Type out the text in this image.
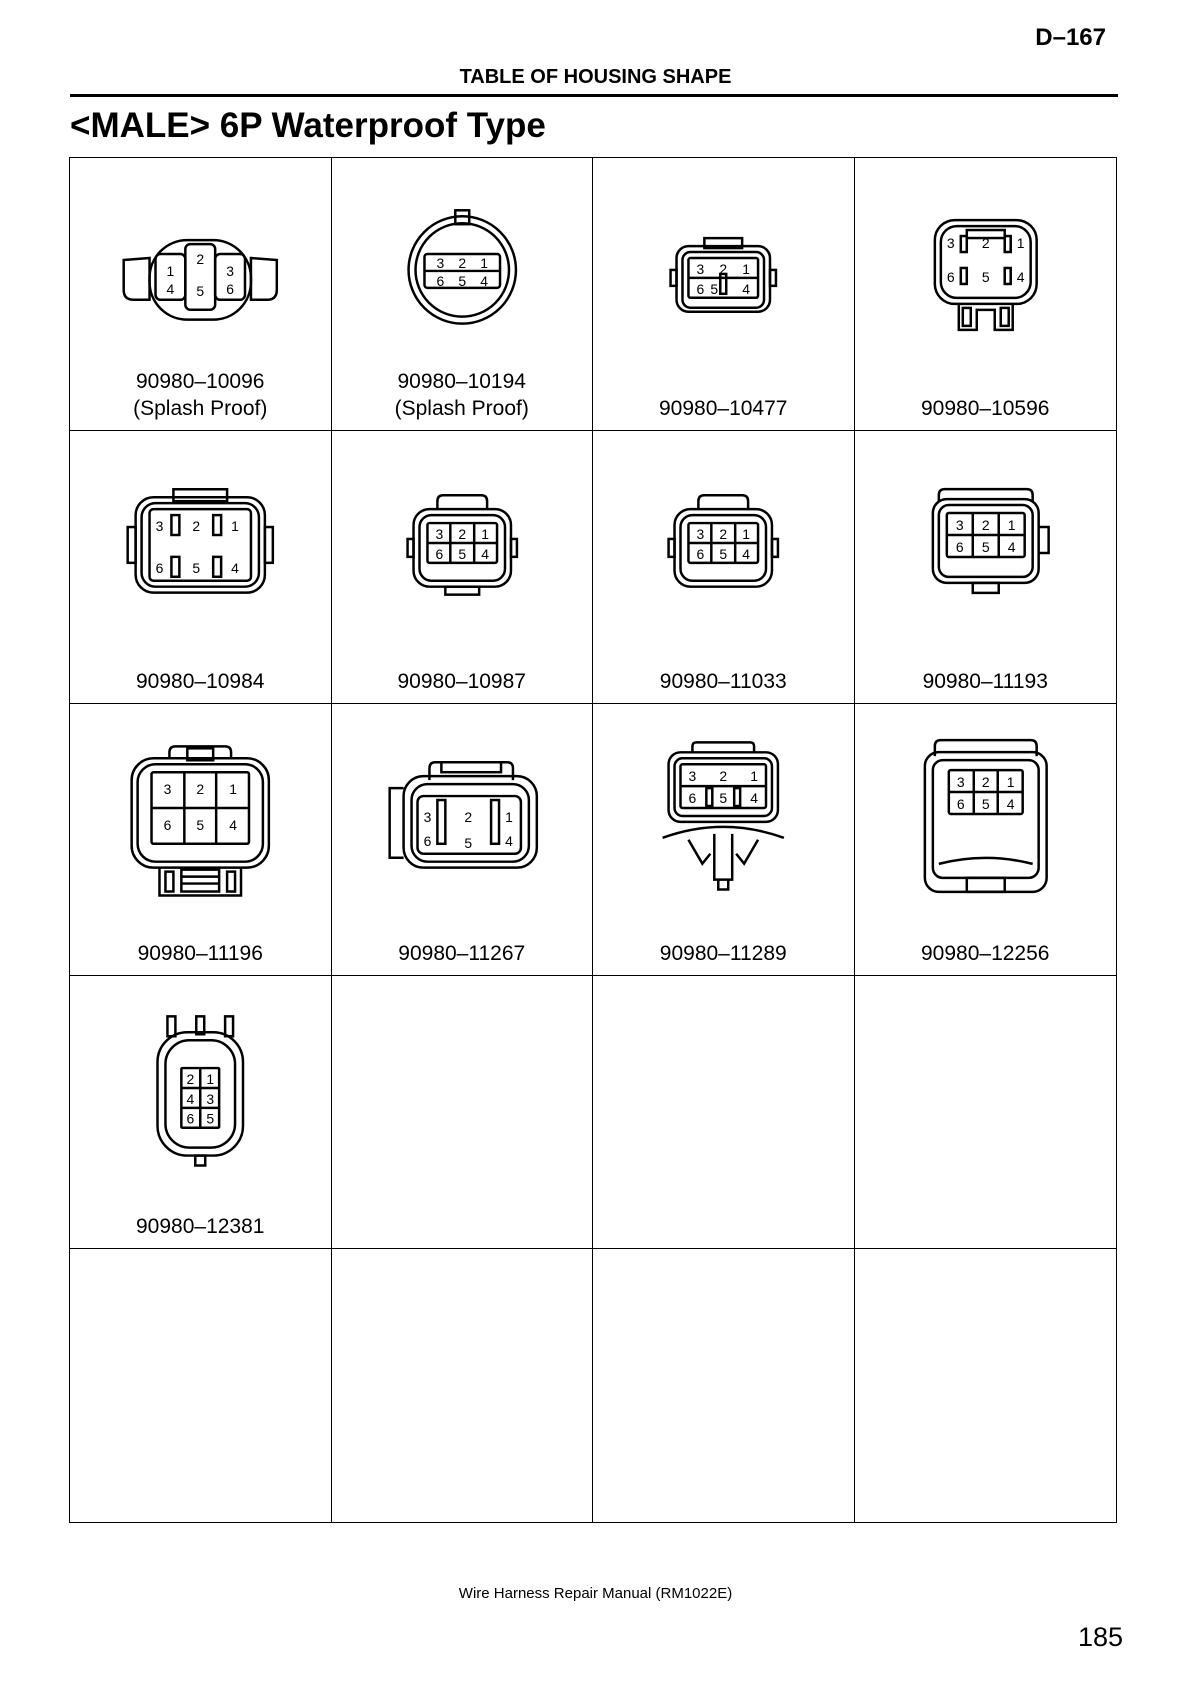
D–167
TABLE OF HOUSING SHAPE
<MALE> 6P Waterproof Type
1
4
2
5
3
6
90980–10096
(Splash Proof)
3 2 1
6 5 4
90980–10194
(Splash Proof)
3 2 1
6 5 4
90980–10477
3 2 1
6 5 4
90980–10596
3 2 1
6 5 4
90980–10984
3 2 1
6 5 4
90980–10987
3 2 1
6 5 4
90980–11033
3 2 1
6 5 4
90980–11193
3 2 1
6 5 4
90980–11196
3 2 1
6 5 4
90980–11267
3 2 1
6 5 4
90980–11289
3 2 1
6 5 4
90980–12256
2 1
4 3
6 5
90980–12381
Wire Harness Repair Manual (RM1022E)
185
